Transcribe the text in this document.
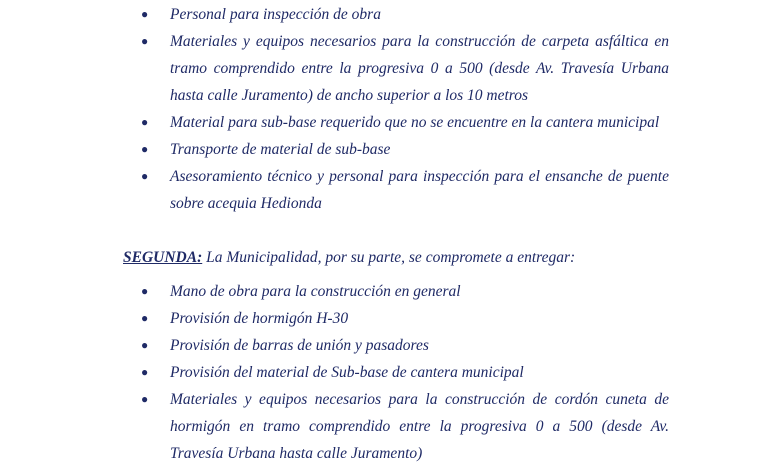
● Personal para inspección de obra
● Materiales y equipos necesarios para la construcción de carpeta asfáltica en tramo comprendido entre la progresiva 0 a 500 (desde Av. Travesía Urbana hasta calle Juramento) de ancho superior a los 10 metros
● Material para sub-base requerido que no se encuentre en la cantera municipal
● Transporte de material de sub-base
● Asesoramiento técnico y personal para inspección para el ensanche de puente sobre acequia Hedionda
SEGUNDA: La Municipalidad, por su parte, se compromete a entregar:
● Mano de obra para la construcción en general
● Provisión de hormigón H-30
● Provisión de barras de unión y pasadores
● Provisión del material de Sub-base de cantera municipal
● Materiales y equipos necesarios para la construcción de cordón cuneta de hormigón en tramo comprendido entre la progresiva 0 a 500 (desde Av. Travesía Urbana hasta calle Juramento)
